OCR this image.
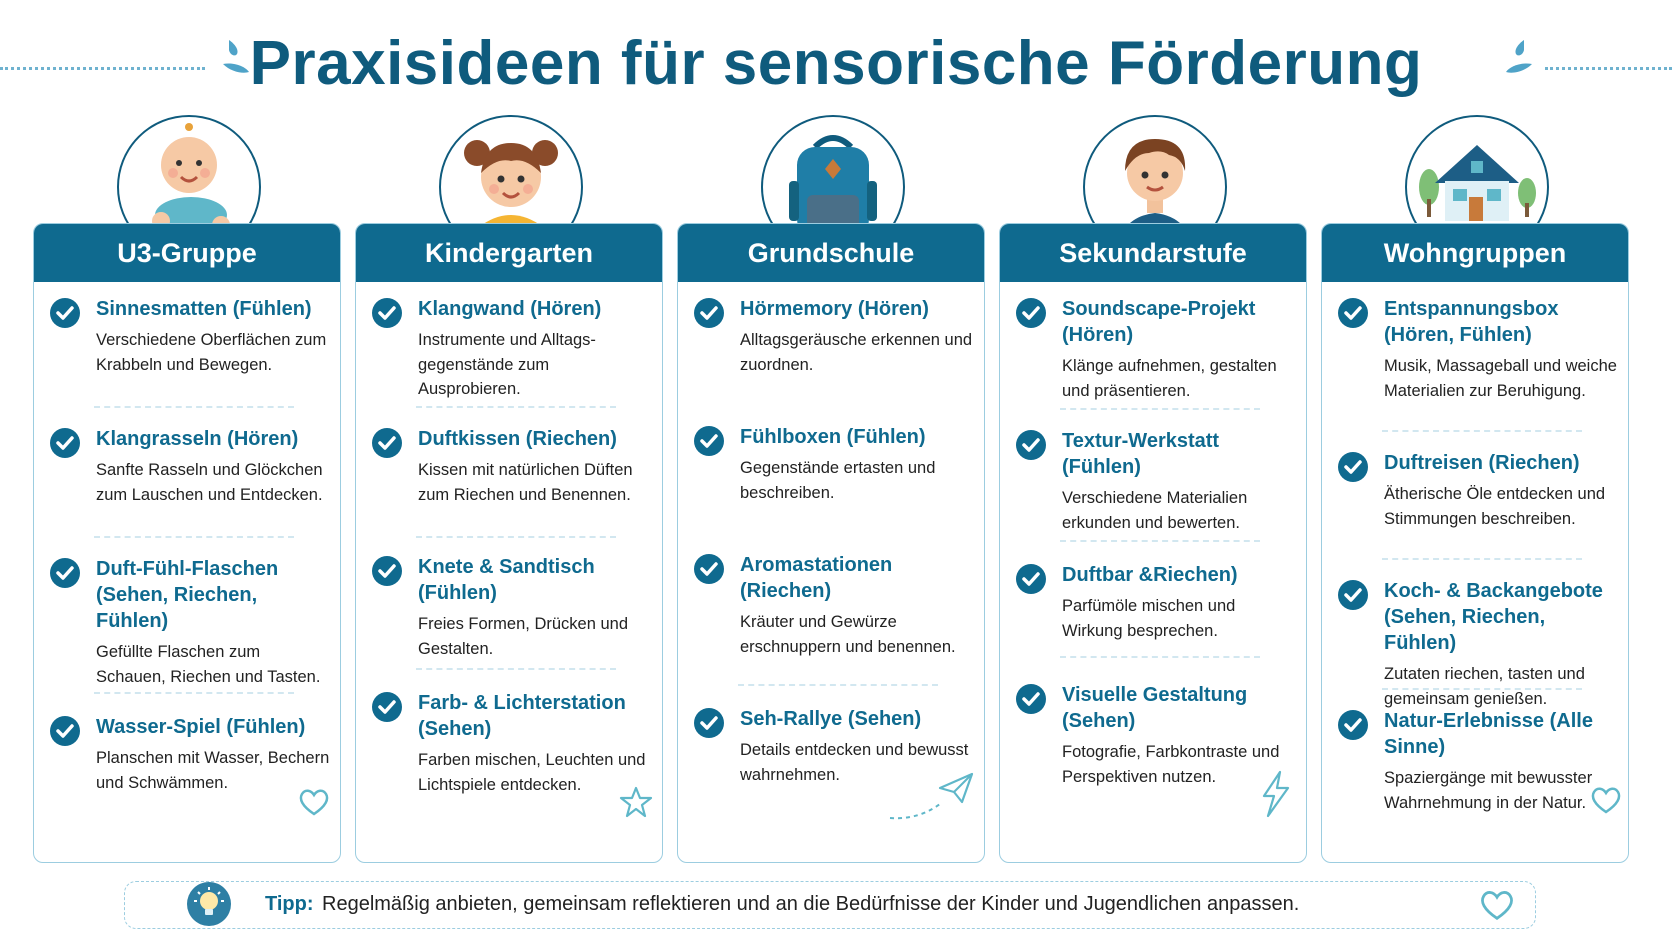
Praxisideen für sensorische Förderung
U3-Gruppe
Sinnesmatten (Fühlen)
Verschiedene Oberflächen zum Krabbeln und Bewegen.
Klangrasseln (Hören)
Sanfte Rasseln und Glöckchen zum Lauschen und Entdecken.
Duft-Fühl-Flaschen (Sehen, Riechen, Fühlen)
Gefüllte Flaschen zum Schauen, Riechen und Tasten.
Wasser-Spiel (Fühlen)
Planschen mit Wasser, Bechern und Schwämmen.
Kindergarten
Klangwand (Hören)
Instrumente und Alltags-gegenstände zum Ausprobieren.
Duftkissen (Riechen)
Kissen mit natürlichen Düften zum Riechen und Benennen.
Knete & Sandtisch (Fühlen)
Freies Formen, Drücken und Gestalten.
Farb- & Lichterstation (Sehen)
Farben mischen, Leuchten und Lichtspiele entdecken.
Grundschule
Hörmemory (Hören)
Alltagsgeräusche erkennen und zuordnen.
Fühlboxen (Fühlen)
Gegenstände ertasten und beschreiben.
Aromastationen (Riechen)
Kräuter und Gewürze erschnuppern und benennen.
Seh-Rallye (Sehen)
Details entdecken und bewusst wahrnehmen.
Sekundarstufe
Soundscape-Projekt (Hören)
Klänge aufnehmen, gestalten und präsentieren.
Textur-Werkstatt (Fühlen)
Verschiedene Materialien erkunden und bewerten.
Duftbar &Riechen)
Parfümöle mischen und Wirkung besprechen.
Visuelle Gestaltung (Sehen)
Fotografie, Farbkontraste und Perspektiven nutzen.
Wohngruppen
Entspannungsbox (Hören, Fühlen)
Musik, Massageball und weiche Materialien zur Beruhigung.
Duftreisen (Riechen)
Ätherische Öle entdecken und Stimmungen beschreiben.
Koch- & Backangebote (Sehen, Riechen, Fühlen)
Zutaten riechen, tasten und gemeinsam genießen.
Natur-Erlebnisse (Alle Sinne)
Spaziergänge mit bewusster Wahrnehmung in der Natur.
Tipp: Regelmäßig anbieten, gemeinsam reflektieren und an die Bedürfnisse der Kinder und Jugendlichen anpassen.
